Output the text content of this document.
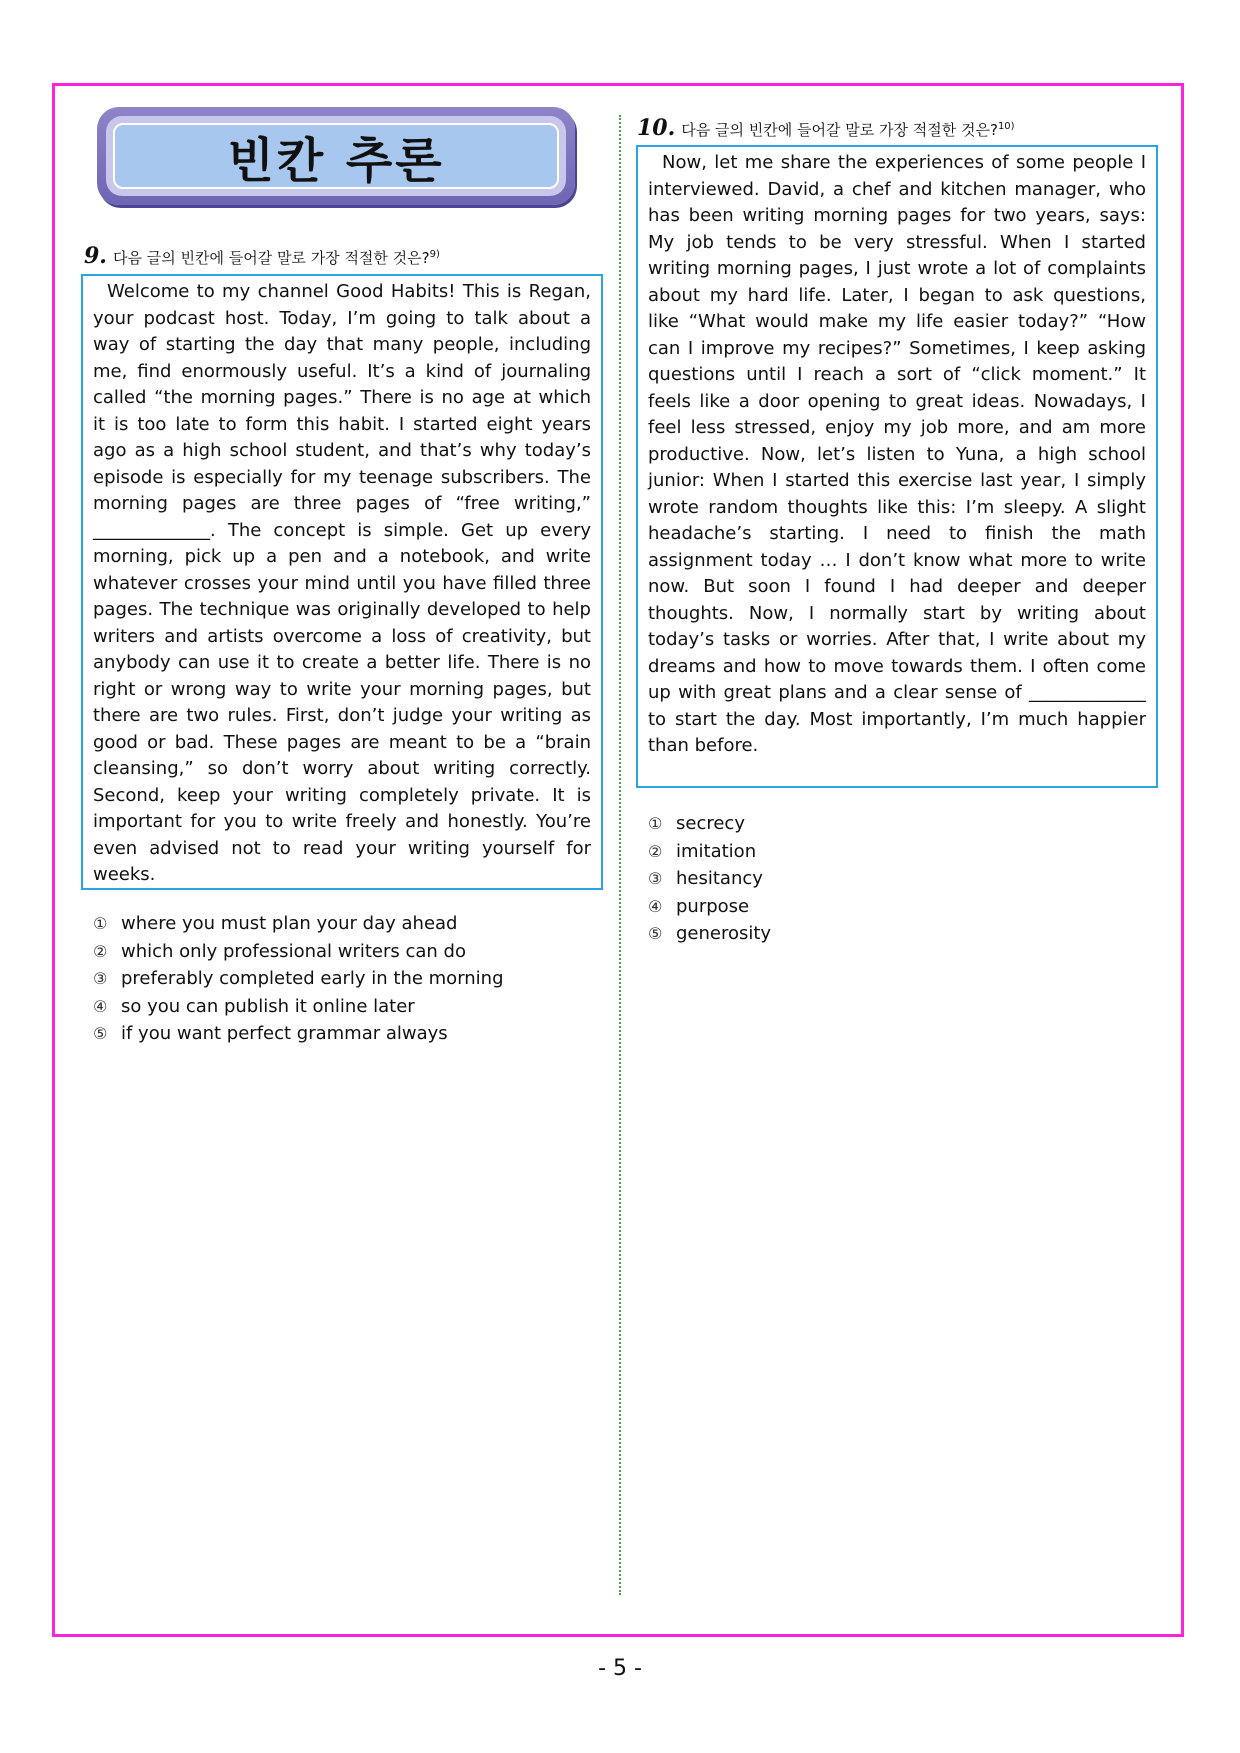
빈칸 추론
9. 다음 글의 빈칸에 들어갈 말로 가장 적절한 것은?$^{9)}$
Welcome to my channel Good Habits! This is Regan, your podcast host. Today, I’m going to talk about a way of starting the day that many people, including me, find enormously useful. It’s a kind of journaling called “the morning pages.” There is no age at which it is too late to form this habit. I started eight years ago as a high school student, and that’s why today’s episode is especially for my teenage subscribers. The morning pages are three pages of “free writing,” _____________. The concept is simple. Get up every morning, pick up a pen and a notebook, and write whatever crosses your mind until you have filled three pages. The technique was originally developed to help writers and artists overcome a loss of creativity, but anybody can use it to create a better life. There is no right or wrong way to write your morning pages, but there are two rules. First, don’t judge your writing as good or bad. These pages are meant to be a “brain cleansing,” so don’t worry about writing correctly. Second, keep your writing completely private. It is important for you to write freely and honestly. You’re even advised not to read your writing yourself for weeks.
① where you must plan your day ahead
② which only professional writers can do
③ preferably completed early in the morning
④ so you can publish it online later
⑤ if you want perfect grammar always
10. 다음 글의 빈칸에 들어갈 말로 가장 적절한 것은?$^{10)}$
Now, let me share the experiences of some people I interviewed. David, a chef and kitchen manager, who has been writing morning pages for two years, says: My job tends to be very stressful. When I started writing morning pages, I just wrote a lot of complaints about my hard life. Later, I began to ask questions, like “What would make my life easier today?” “How can I improve my recipes?” Sometimes, I keep asking questions until I reach a sort of “click moment.” It feels like a door opening to great ideas. Nowadays, I feel less stressed, enjoy my job more, and am more productive. Now, let’s listen to Yuna, a high school junior: When I started this exercise last year, I simply wrote random thoughts like this: I’m sleepy. A slight headache’s starting. I need to finish the math assignment today … I don’t know what more to write now. But soon I found I had deeper and deeper thoughts. Now, I normally start by writing about today’s tasks or worries. After that, I write about my dreams and how to move towards them. I often come up with great plans and a clear sense of _____________ to start the day. Most importantly, I’m much happier than before.
① secrecy
② imitation
③ hesitancy
④ purpose
⑤ generosity
- 5 -
